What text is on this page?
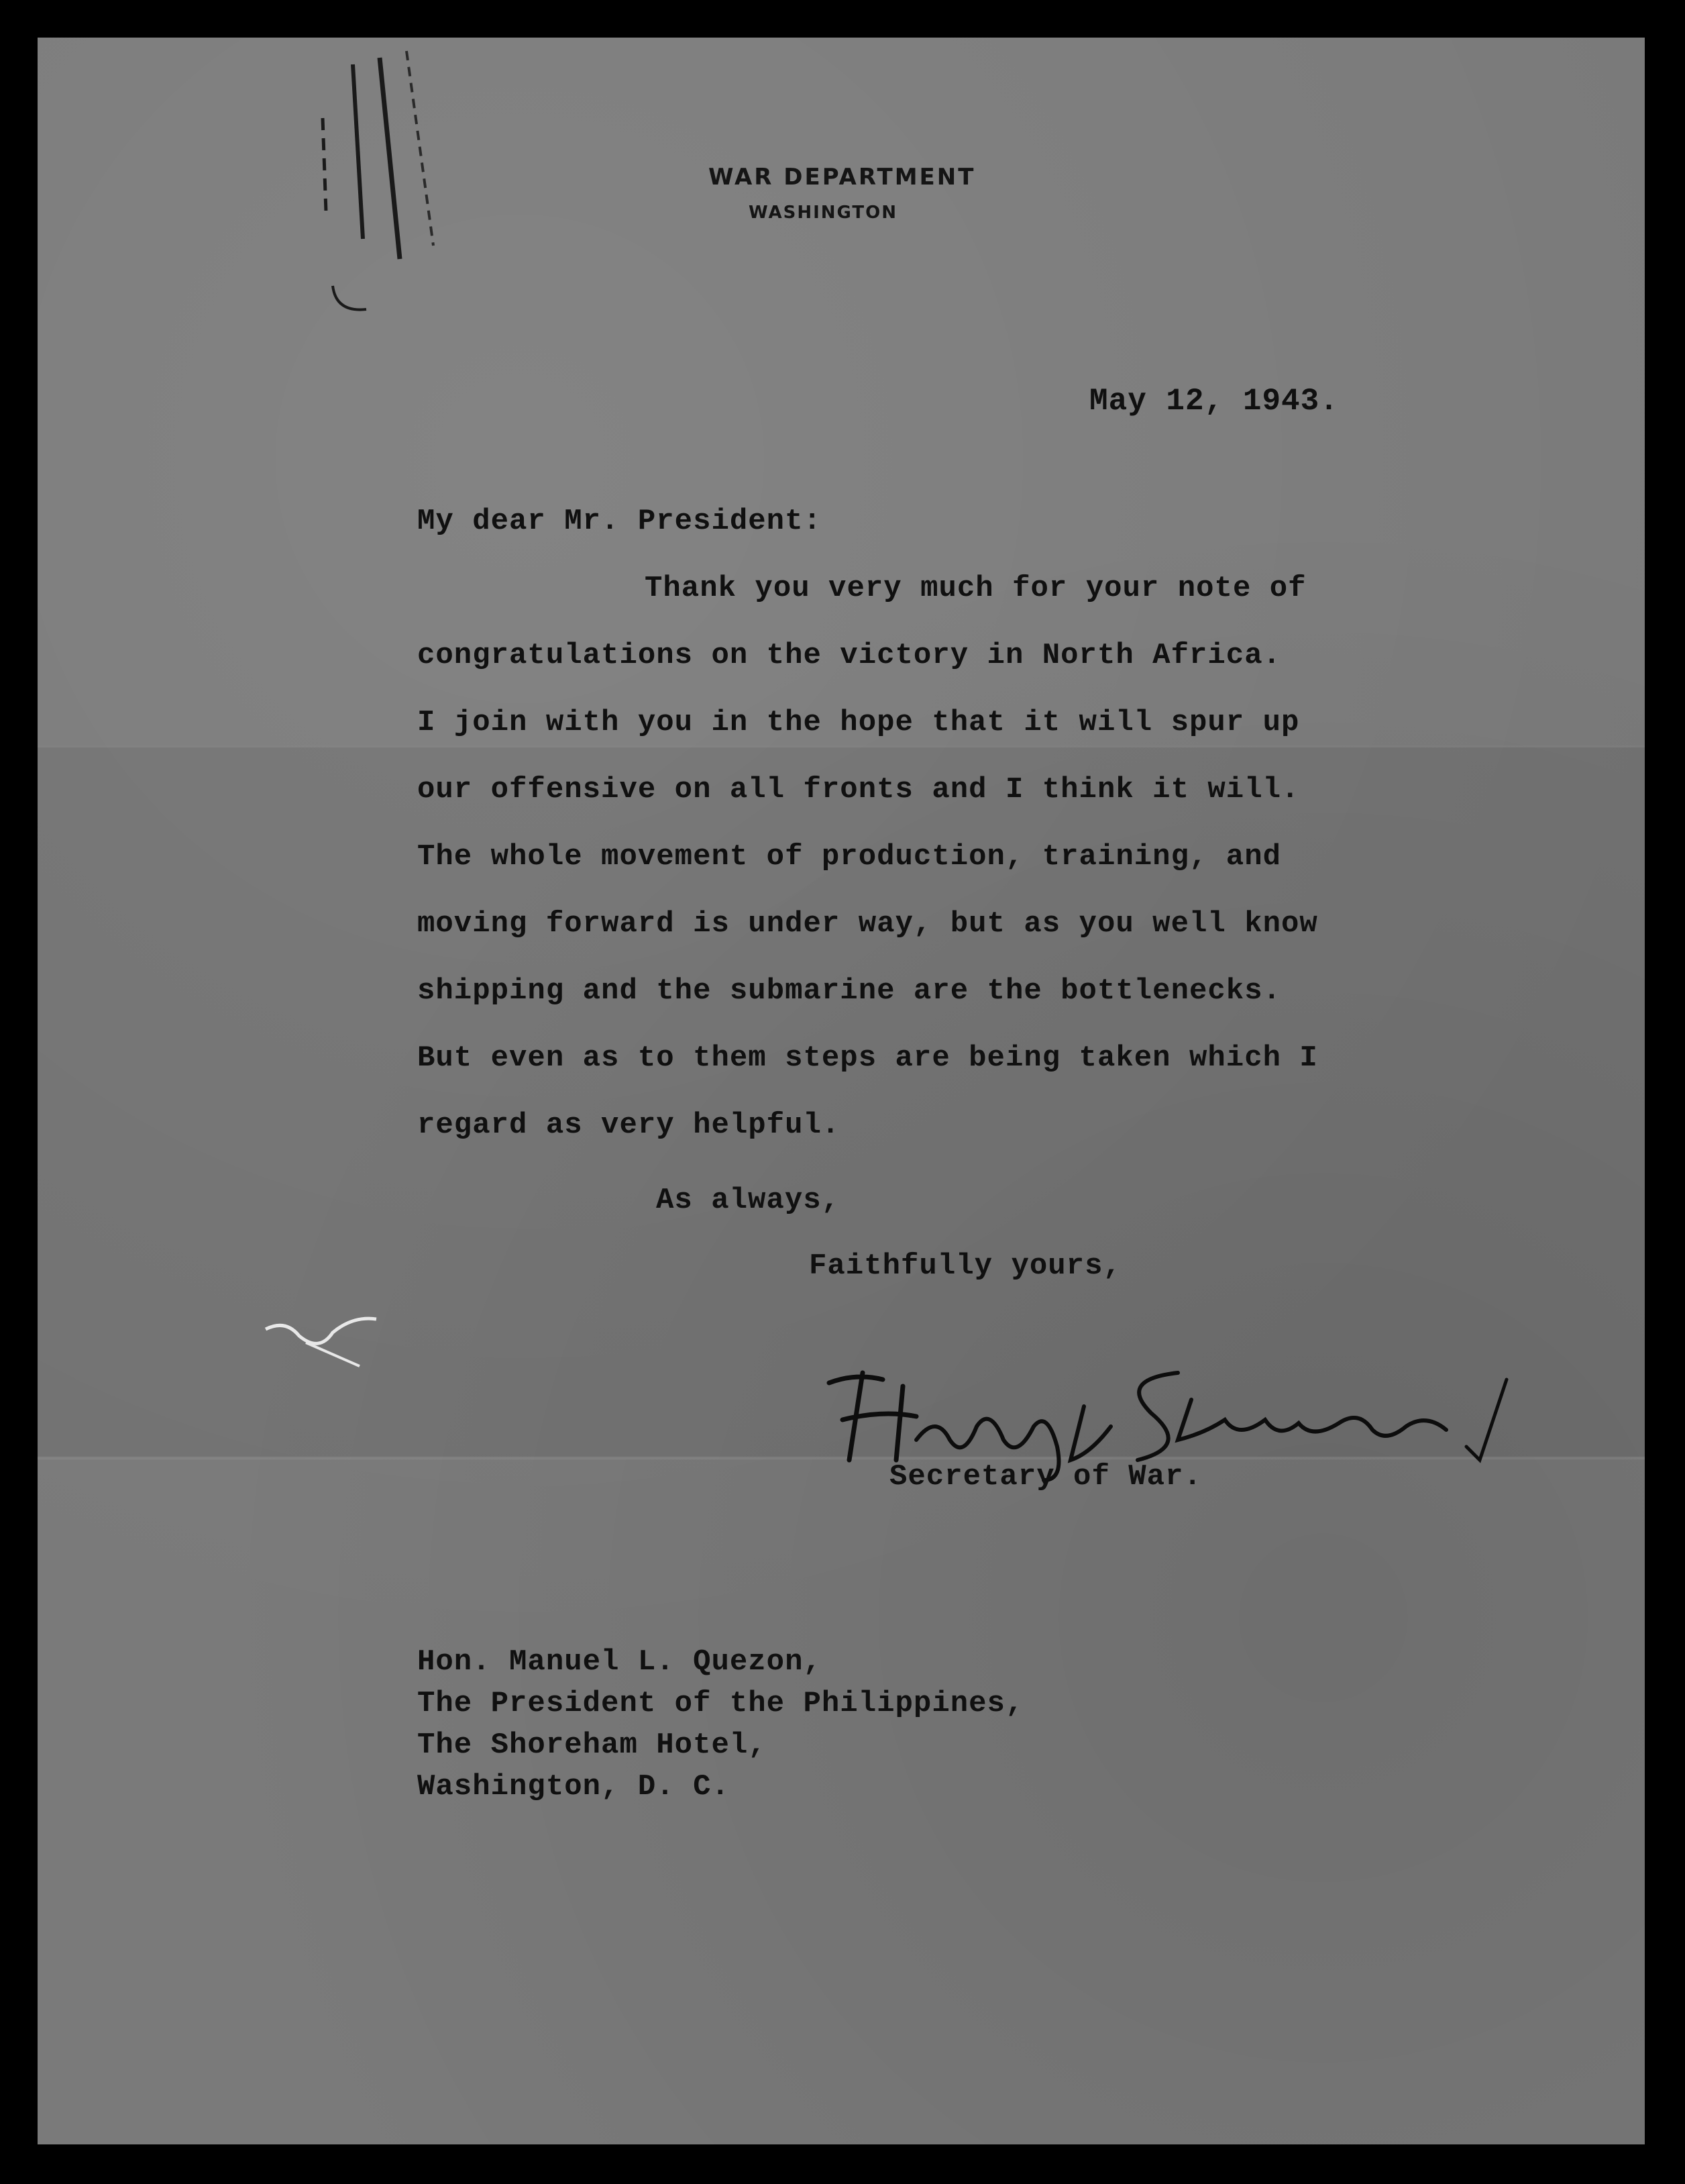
WAR DEPARTMENT
WASHINGTON
May 12, 1943.
My dear Mr. President:
Thank you very much for your note of
congratulations on the victory in North Africa.
I join with you in the hope that it will spur up
our offensive on all fronts and I think it will.
The whole movement of production, training, and
moving forward is under way, but as you well know
shipping and the submarine are the bottlenecks.
But even as to them steps are being taken which I
regard as very helpful.
As always,
Faithfully yours,
Secretary of War.
Hon. Manuel L. Quezon,
The President of the Philippines,
The Shoreham Hotel,
Washington, D. C.
